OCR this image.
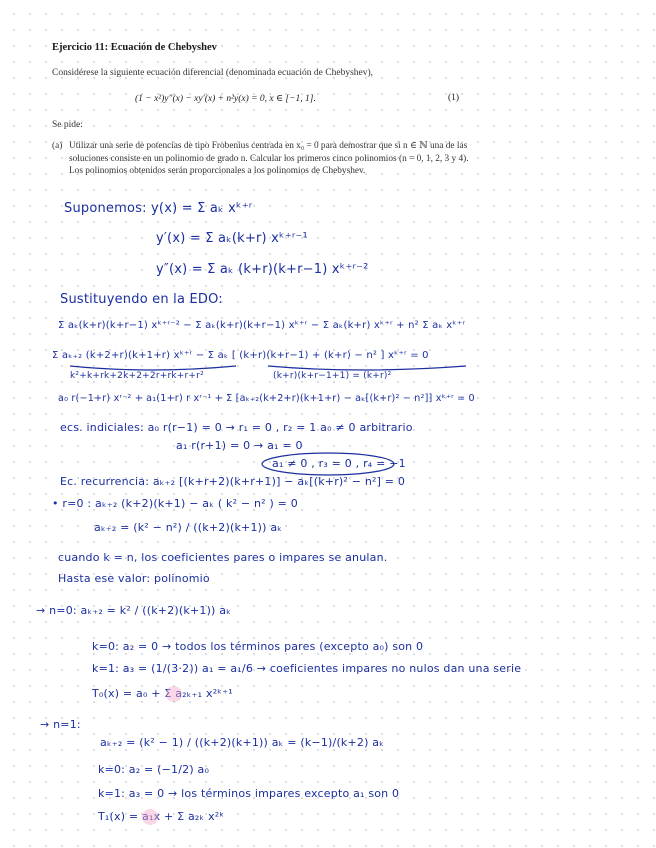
Ejercicio 11: Ecuación de Chebyshev
Considérese la siguiente ecuación diferencial (denominada ecuación de Chebyshev),
(1 − x²)y″(x) − xy′(x) + n²y(x) = 0, x ∈ [−1, 1].	(1)
Se pide:
(a) Utilizar una serie de potencias de tipo Frobenius centrada en x₀ = 0 para demostrar que si n ∈ ℕ una de las soluciones consiste en un polinomio de grado n. Calcular los primeros cinco polinomios (n = 0, 1, 2, 3 y 4). Los polinomios obtenidos serán proporcionales a los polinomios de Chebyshev.
Suponemos: y(x) = Σ aₖ xᵏ⁺ʳ
y′(x) = Σ aₖ(k+r) xᵏ⁺ʳ⁻¹
y″(x) = Σ aₖ (k+r)(k+r−1) xᵏ⁺ʳ⁻²
Sustituyendo en la EDO:
Σ aₖ(k+r)(k+r−1) xᵏ⁺ʳ⁻² − Σ aₖ(k+r)(k+r−1) xᵏ⁺ʳ − Σ aₖ(k+r) xᵏ⁺ʳ + n² Σ aₖ xᵏ⁺ʳ
Σ aₖ₊₂ (k+2+r)(k+1+r) xᵏ⁺ʳ − Σ aₖ [ (k+r)(k+r−1) + (k+r) − n² ] xᵏ⁺ʳ = 0
k²+k+rk+2k+2+2r+rk+r+r²	(k+r)(k+r−1+1) = (k+r)²
a₀ r(−1+r) xʳ⁻² + a₁(1+r) r xʳ⁻¹ + Σ [aₖ₊₂(k+2+r)(k+1+r) − aₖ[(k+r)² − n²]] xᵏ⁺ʳ = 0
ecs. indiciales: a₀ r(r−1) = 0 → r₁ = 0 , r₂ = 1 a₀ ≠ 0 arbitrario
a₁ r(r+1) = 0 → a₁ = 0
a₁ ≠ 0 , r₃ = 0 , r₄ = −1
Ec. recurrencia: aₖ₊₂ [(k+r+2)(k+r+1)] − aₖ[(k+r)² − n²] = 0
• r=0 : aₖ₊₂ (k+2)(k+1) − aₖ ( k² − n² ) = 0
aₖ₊₂ = (k² − n²) / ((k+2)(k+1)) aₖ
cuando k = n, los coeficientes pares o impares se anulan.
Hasta ese valor: polinomio
→ n=0: aₖ₊₂ = k² / ((k+2)(k+1)) aₖ
k=0: a₂ = 0 → todos los términos pares (excepto a₀) son 0
k=1: a₃ = (1/(3·2)) a₁ = a₁/6 → coeficientes impares no nulos dan una serie
T₀(x) = a₀ + Σ a₂ₖ₊₁ x²ᵏ⁺¹
→ n=1:
aₖ₊₂ = (k² − 1) / ((k+2)(k+1)) aₖ = (k−1)/(k+2) aₖ
k=0: a₂ = (−1/2) a₀
k=1: a₃ = 0 → los términos impares excepto a₁ son 0
T₁(x) = a₁x + Σ a₂ₖ x²ᵏ
